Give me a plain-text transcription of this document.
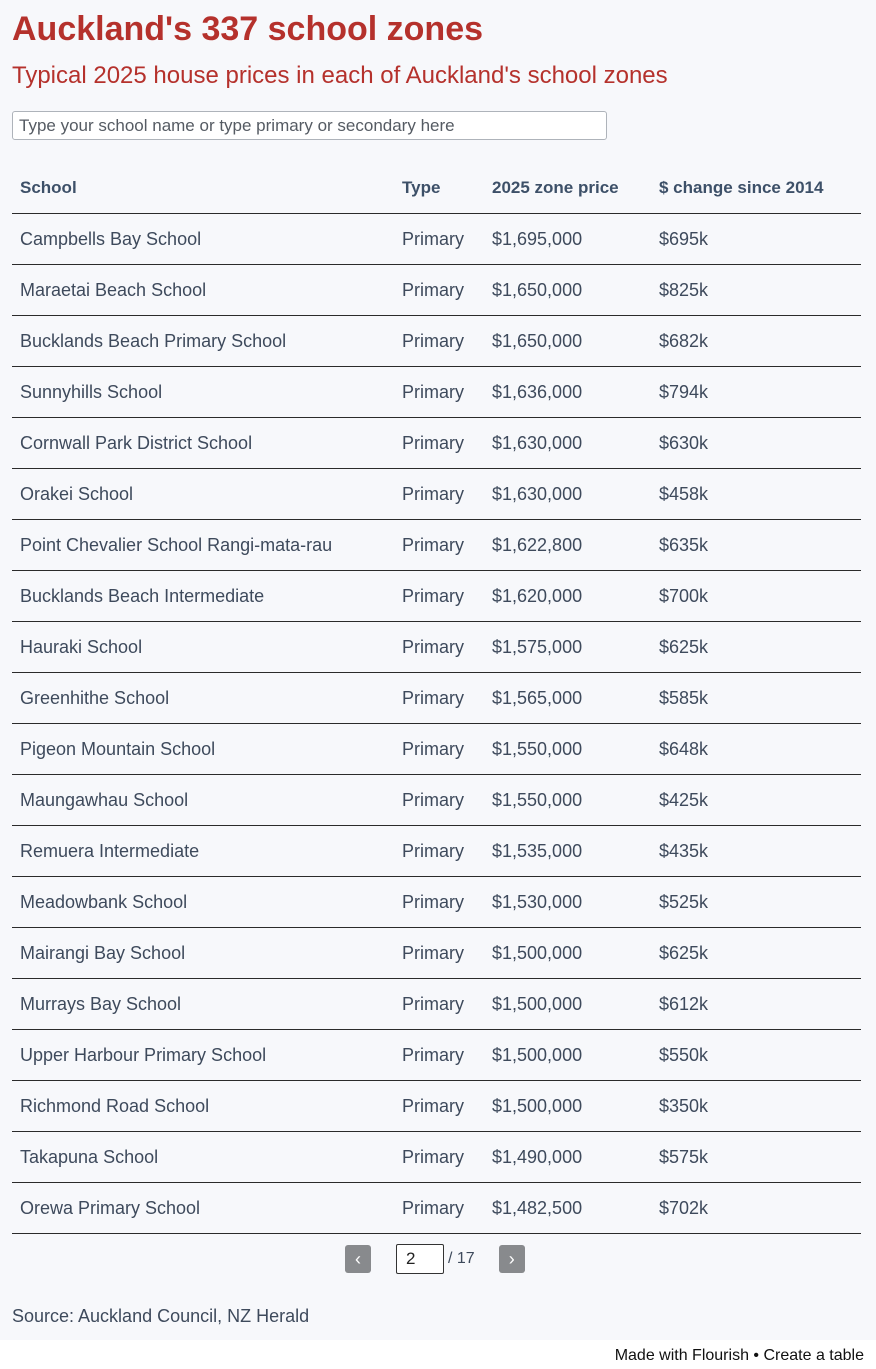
Auckland's 337 school zones
Typical 2025 house prices in each of Auckland's school zones
Type your school name or type primary or secondary here
School	Type	2025 zone price	$ change since 2014
Campbells Bay School	Primary	$1,695,000	$695k
Maraetai Beach School	Primary	$1,650,000	$825k
Bucklands Beach Primary School	Primary	$1,650,000	$682k
Sunnyhills School	Primary	$1,636,000	$794k
Cornwall Park District School	Primary	$1,630,000	$630k
Orakei School	Primary	$1,630,000	$458k
Point Chevalier School Rangi-mata-rau	Primary	$1,622,800	$635k
Bucklands Beach Intermediate	Primary	$1,620,000	$700k
Hauraki School	Primary	$1,575,000	$625k
Greenhithe School	Primary	$1,565,000	$585k
Pigeon Mountain School	Primary	$1,550,000	$648k
Maungawhau School	Primary	$1,550,000	$425k
Remuera Intermediate	Primary	$1,535,000	$435k
Meadowbank School	Primary	$1,530,000	$525k
Mairangi Bay School	Primary	$1,500,000	$625k
Murrays Bay School	Primary	$1,500,000	$612k
Upper Harbour Primary School	Primary	$1,500,000	$550k
Richmond Road School	Primary	$1,500,000	$350k
Takapuna School	Primary	$1,490,000	$575k
Orewa Primary School	Primary	$1,482,500	$702k
‹
2	/ 17	›
Source: Auckland Council, NZ Herald
Made with Flourish • Create a table
